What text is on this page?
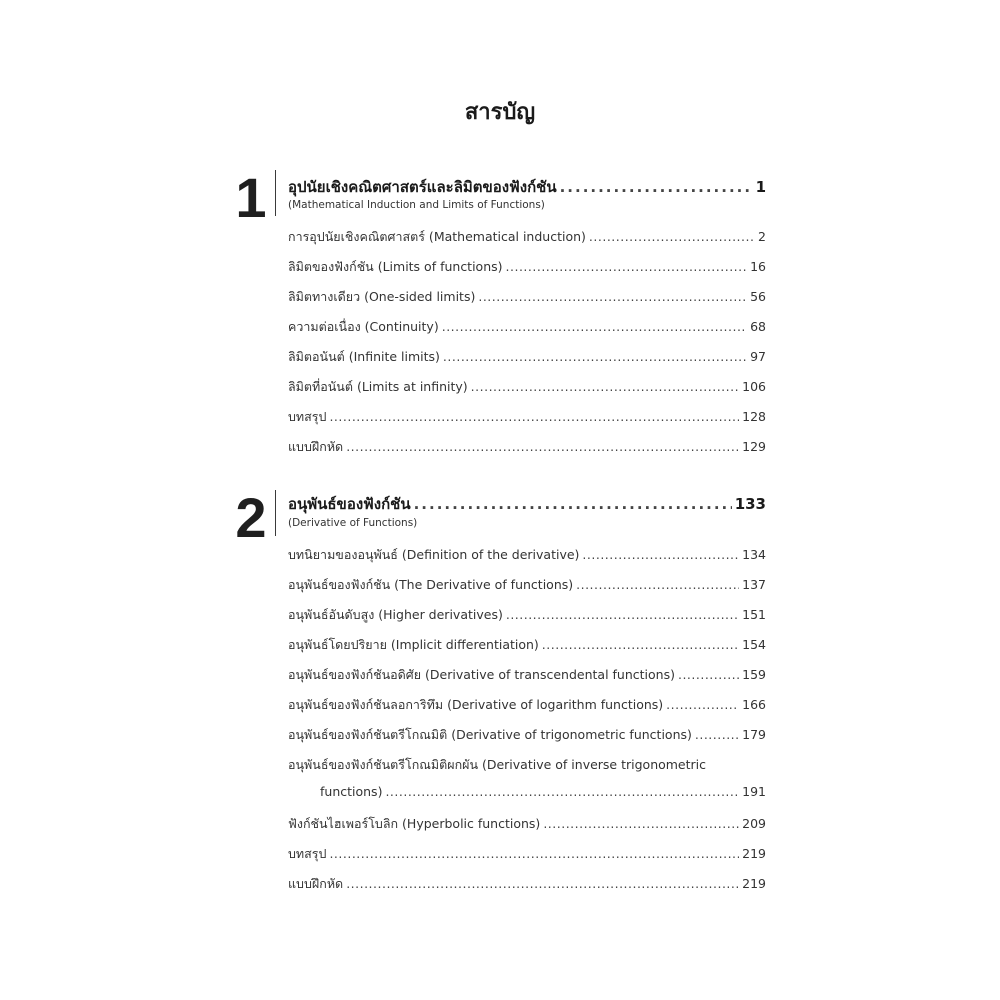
สารบัญ
1	อุปนัยเชิงคณิตศาสตร์และลิมิตของฟังก์ชัน .....	1
(Mathematical Induction and Limits of Functions)
การอุปนัยเชิงคณิตศาสตร์ (Mathematical induction) .....	2
ลิมิตของฟังก์ชัน (Limits of functions) .....	16
ลิมิตทางเดียว (One-sided limits) .....	56
ความต่อเนื่อง (Continuity) .....	68
ลิมิตอนันต์ (Infinite limits) .....	97
ลิมิตที่อนันต์ (Limits at infinity) .....	106
บทสรุป .....	128
แบบฝึกหัด .....	129
2	อนุพันธ์ของฟังก์ชัน .....	133
(Derivative of Functions)
บทนิยามของอนุพันธ์ (Definition of the derivative) .....	134
อนุพันธ์ของฟังก์ชัน (The Derivative of functions) .....	137
อนุพันธ์อันดับสูง (Higher derivatives) .....	151
อนุพันธ์โดยปริยาย (Implicit differentiation) .....	154
อนุพันธ์ของฟังก์ชันอดิศัย (Derivative of transcendental functions) .....	159
อนุพันธ์ของฟังก์ชันลอการิทึม (Derivative of logarithm functions) .....	166
อนุพันธ์ของฟังก์ชันตรีโกณมิติ (Derivative of trigonometric functions) .....	179
อนุพันธ์ของฟังก์ชันตรีโกณมิติผกผัน (Derivative of inverse trigonometric
functions) .....	191
ฟังก์ชันไฮเพอร์โบลิก (Hyperbolic functions) .....	209
บทสรุป .....	219
แบบฝึกหัด .....	219
